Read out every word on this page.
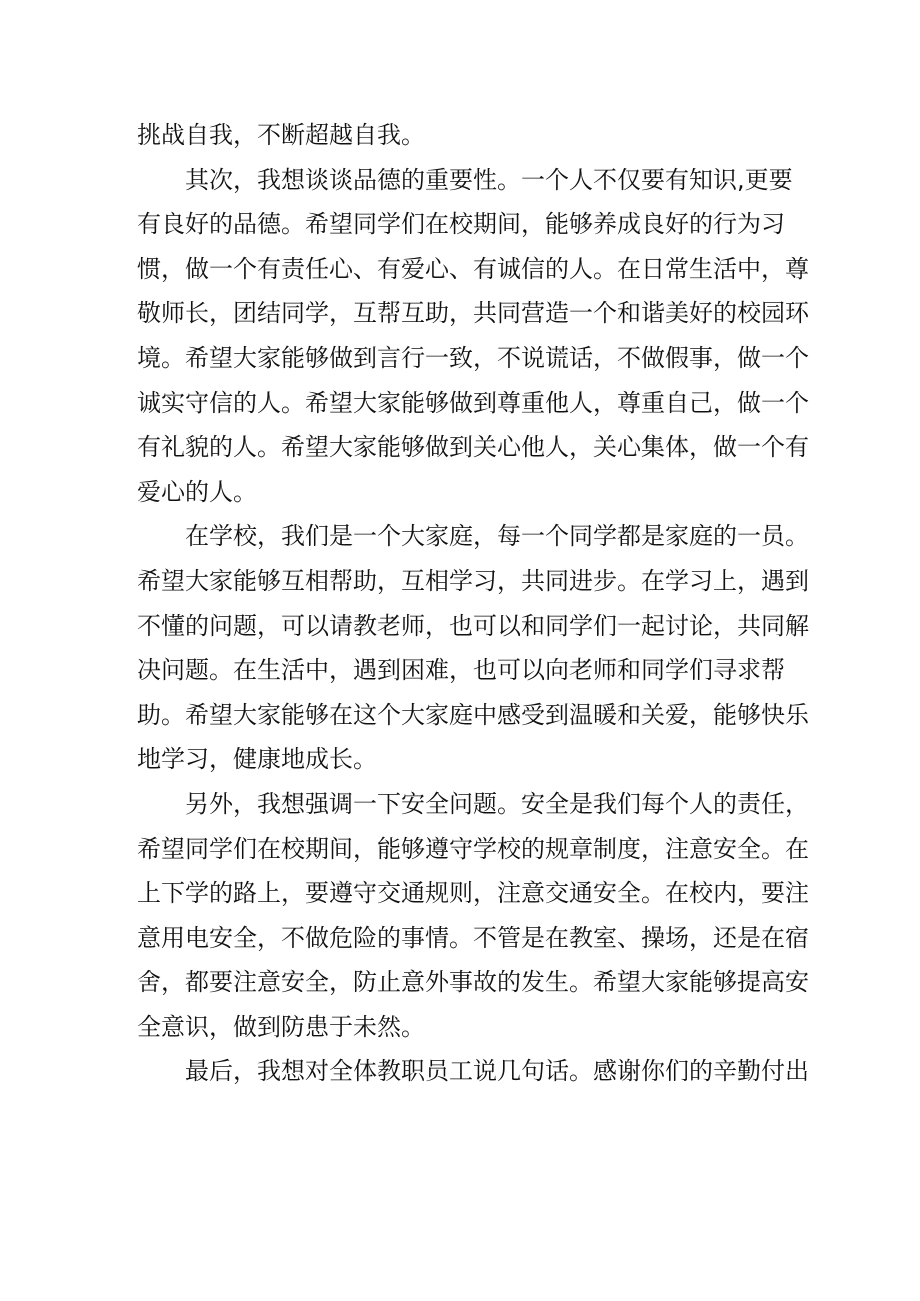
挑战自我，不断超越自我。
其次，我想谈谈品德的重要性。一个人不仅要有知识,更要
有良好的品德。希望同学们在校期间，能够养成良好的行为习
惯，做一个有责任心、有爱心、有诚信的人。在日常生活中，尊
敬师长，团结同学，互帮互助，共同营造一个和谐美好的校园环
境。希望大家能够做到言行一致，不说谎话，不做假事，做一个
诚实守信的人。希望大家能够做到尊重他人，尊重自己，做一个
有礼貌的人。希望大家能够做到关心他人，关心集体，做一个有
爱心的人。
在学校，我们是一个大家庭，每一个同学都是家庭的一员。
希望大家能够互相帮助，互相学习，共同进步。在学习上，遇到
不懂的问题，可以请教老师，也可以和同学们一起讨论，共同解
决问题。在生活中，遇到困难，也可以向老师和同学们寻求帮
助。希望大家能够在这个大家庭中感受到温暖和关爱，能够快乐
地学习，健康地成长。
另外，我想强调一下安全问题。安全是我们每个人的责任，
希望同学们在校期间，能够遵守学校的规章制度，注意安全。在
上下学的路上，要遵守交通规则，注意交通安全。在校内，要注
意用电安全，不做危险的事情。不管是在教室、操场，还是在宿
舍，都要注意安全，防止意外事故的发生。希望大家能够提高安
全意识，做到防患于未然。
最后，我想对全体教职员工说几句话。感谢你们的辛勤付出
